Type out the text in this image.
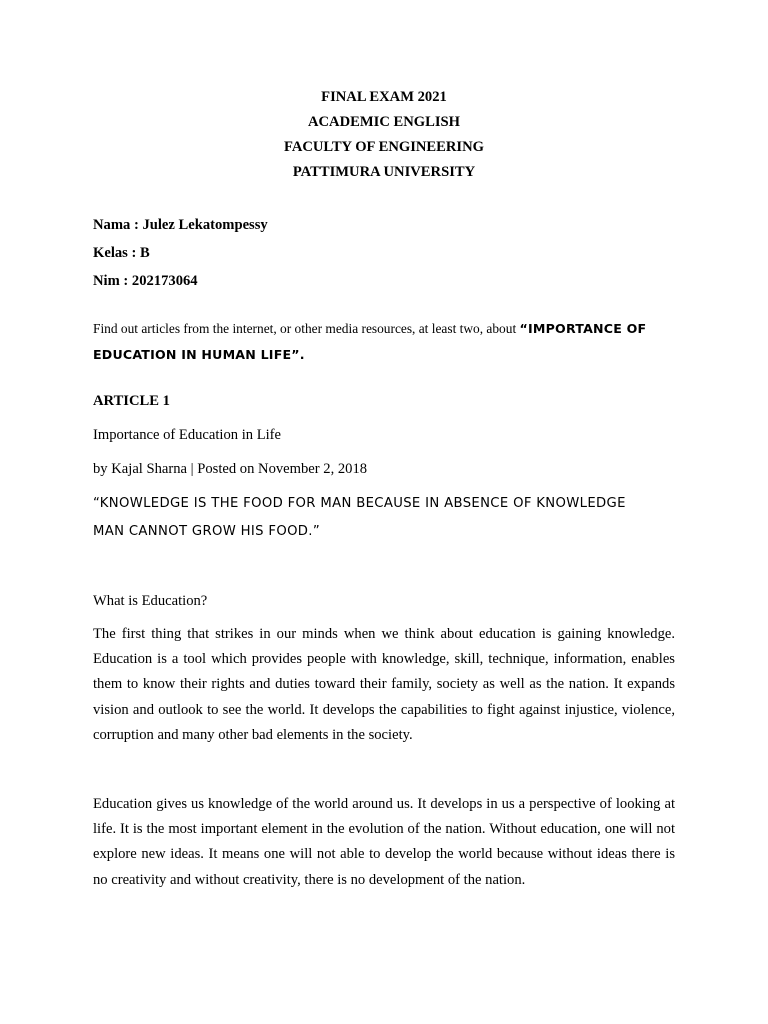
FINAL EXAM 2021
ACADEMIC ENGLISH
FACULTY OF ENGINEERING
PATTIMURA UNIVERSITY
Nama : Julez Lekatompessy
Kelas : B
Nim : 202173064
Find out articles from the internet, or other media resources, at least two, about “IMPORTANCE OF
EDUCATION IN HUMAN LIFE”.
ARTICLE 1
Importance of Education in Life
by Kajal Sharna | Posted on November 2, 2018
“KNOWLEDGE IS THE FOOD FOR MAN BECAUSE IN ABSENCE OF KNOWLEDGE
MAN CANNOT GROW HIS FOOD.”
What is Education?

The first thing that strikes in our minds when we think about education is gaining knowledge. Education is a tool which provides people with knowledge, skill, technique, information, enables them to know their rights and duties toward their family, society as well as the nation. It expands vision and outlook to see the world. It develops the capabilities to fight against injustice, violence, corruption and many other bad elements in the society.

Education gives us knowledge of the world around us. It develops in us a perspective of looking at life. It is the most important element in the evolution of the nation. Without education, one will not explore new ideas. It means one will not able to develop the world because without ideas there is no creativity and without creativity, there is no development of the nation.
